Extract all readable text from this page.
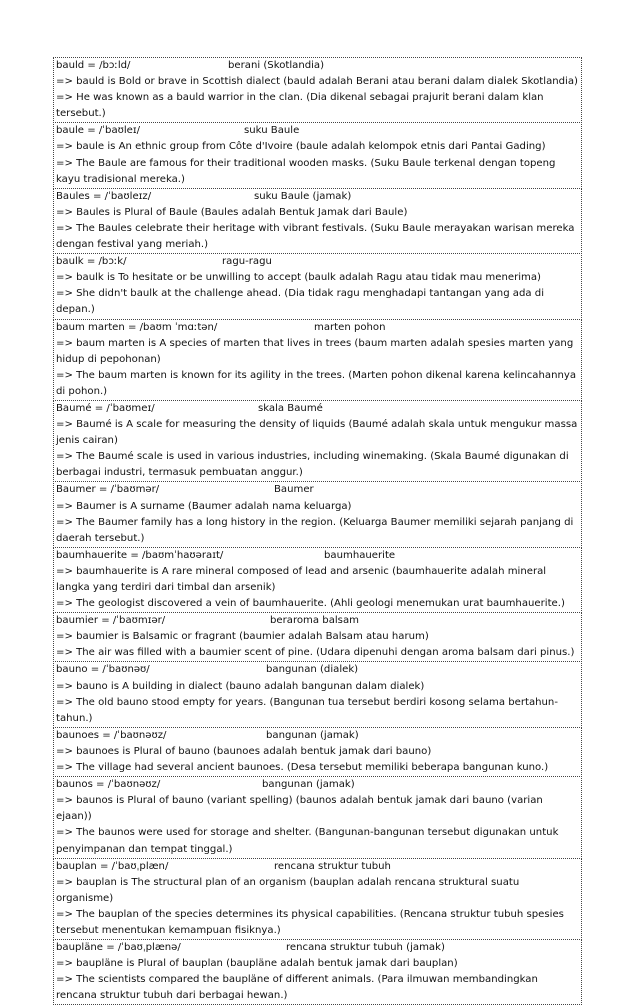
bauld = /bɔːld/	berani (Skotlandia)
=> bauld is Bold or brave in Scottish dialect (bauld adalah Berani atau berani dalam dialek Skotlandia)
=> He was known as a bauld warrior in the clan. (Dia dikenal sebagai prajurit berani dalam klan tersebut.)
baule = /ˈbaʊleɪ/	suku Baule
=> baule is An ethnic group from Côte d'Ivoire (baule adalah kelompok etnis dari Pantai Gading)
=> The Baule are famous for their traditional wooden masks. (Suku Baule terkenal dengan topeng kayu tradisional mereka.)
Baules = /ˈbaʊleɪz/	suku Baule (jamak)
=> Baules is Plural of Baule (Baules adalah Bentuk Jamak dari Baule)
=> The Baules celebrate their heritage with vibrant festivals. (Suku Baule merayakan warisan mereka dengan festival yang meriah.)
baulk = /bɔːk/	ragu-ragu
=> baulk is To hesitate or be unwilling to accept (baulk adalah Ragu atau tidak mau menerima)
=> She didn't baulk at the challenge ahead. (Dia tidak ragu menghadapi tantangan yang ada di depan.)
baum marten = /baʊm ˈmɑːtən/	marten pohon
=> baum marten is A species of marten that lives in trees (baum marten adalah spesies marten yang hidup di pepohonan)
=> The baum marten is known for its agility in the trees. (Marten pohon dikenal karena kelincahannya di pohon.)
Baumé = /ˈbaʊmeɪ/	skala Baumé
=> Baumé is A scale for measuring the density of liquids (Baumé adalah skala untuk mengukur massa jenis cairan)
=> The Baumé scale is used in various industries, including winemaking. (Skala Baumé digunakan di berbagai industri, termasuk pembuatan anggur.)
Baumer = /ˈbaʊmər/	Baumer
=> Baumer is A surname (Baumer adalah nama keluarga)
=> The Baumer family has a long history in the region. (Keluarga Baumer memiliki sejarah panjang di daerah tersebut.)
baumhauerite = /baʊmˈhaʊəraɪt/	baumhauerite
=> baumhauerite is A rare mineral composed of lead and arsenic (baumhauerite adalah mineral langka yang terdiri dari timbal dan arsenik)
=> The geologist discovered a vein of baumhauerite. (Ahli geologi menemukan urat baumhauerite.)
baumier = /ˈbaʊmɪər/	beraroma balsam
=> baumier is Balsamic or fragrant (baumier adalah Balsam atau harum)
=> The air was filled with a baumier scent of pine. (Udara dipenuhi dengan aroma balsam dari pinus.)
bauno = /ˈbaʊnəʊ/	bangunan (dialek)
=> bauno is A building in dialect (bauno adalah bangunan dalam dialek)
=> The old bauno stood empty for years. (Bangunan tua tersebut berdiri kosong selama bertahun-tahun.)
baunoes = /ˈbaʊnəʊz/	bangunan (jamak)
=> baunoes is Plural of bauno (baunoes adalah bentuk jamak dari bauno)
=> The village had several ancient baunoes. (Desa tersebut memiliki beberapa bangunan kuno.)
baunos = /ˈbaʊnəʊz/	bangunan (jamak)
=> baunos is Plural of bauno (variant spelling) (baunos adalah bentuk jamak dari bauno (varian ejaan))
=> The baunos were used for storage and shelter. (Bangunan-bangunan tersebut digunakan untuk penyimpanan dan tempat tinggal.)
bauplan = /ˈbaʊˌplæn/	rencana struktur tubuh
=> bauplan is The structural plan of an organism (bauplan adalah rencana struktural suatu organisme)
=> The bauplan of the species determines its physical capabilities. (Rencana struktur tubuh spesies tersebut menentukan kemampuan fisiknya.)
baupläne = /ˈbaʊˌplænə/	rencana struktur tubuh (jamak)
=> baupläne is Plural of bauplan (baupläne adalah bentuk jamak dari bauplan)
=> The scientists compared the baupläne of different animals. (Para ilmuwan membandingkan rencana struktur tubuh dari berbagai hewan.)
